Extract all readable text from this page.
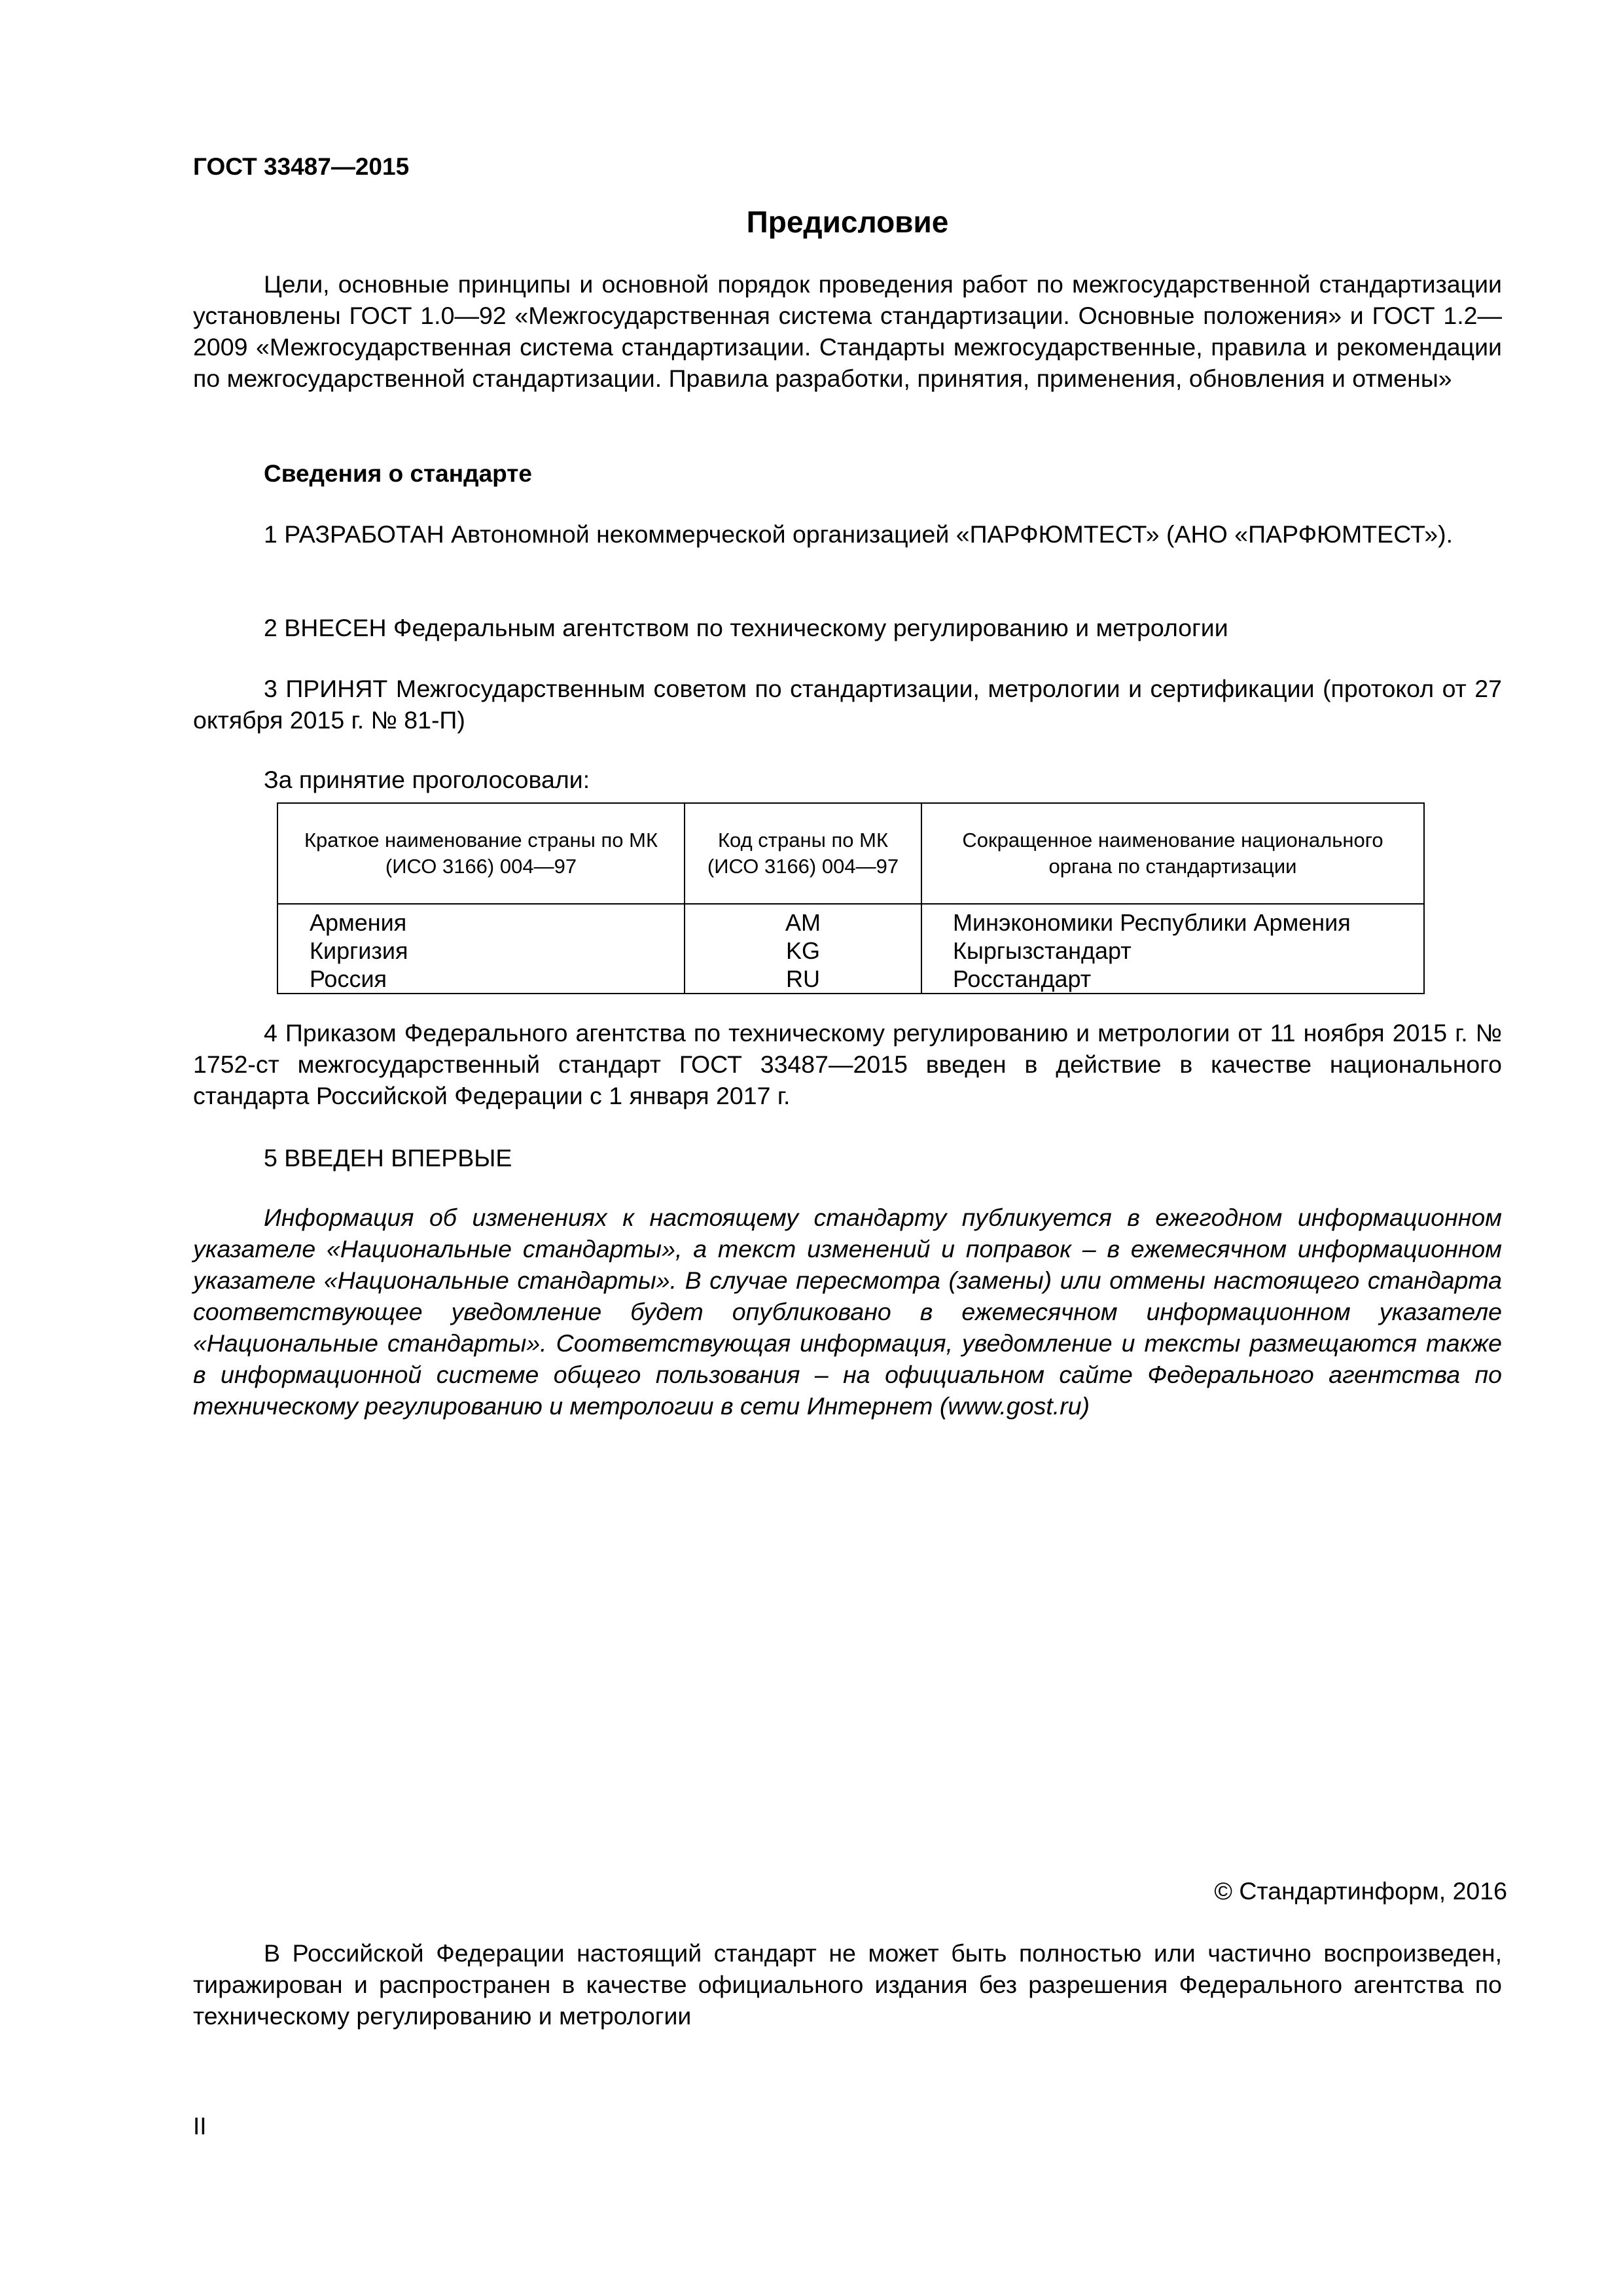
ГОСТ 33487—2015
Предисловие

Цели, основные принципы и основной порядок проведения работ по межгосударственной стандартизации установлены ГОСТ 1.0—92 «Межгосударственная система стандартизации. Основные положения» и ГОСТ 1.2—2009 «Межгосударственная система стандартизации. Стандарты межгосударственные, правила и рекомендации по межгосударственной стандартизации. Правила разработки, принятия, применения, обновления и отмены»

Сведения о стандарте

1 РАЗРАБОТАН Автономной некоммерческой организацией «ПАРФЮМТЕСТ» (АНО «ПАРФЮМТЕСТ»).

2 ВНЕСЕН Федеральным агентством по техническому регулированию и метрологии

3 ПРИНЯТ Межгосударственным советом по стандартизации, метрологии и сертификации (протокол от 27 октября 2015 г. № 81-П)

За принятие проголосовали:
Краткое наименование страны по МК (ИСО 3166) 004—97	Код страны по МК (ИСО 3166) 004—97	Сокращенное наименование национального органа по стандартизации
Армения	AM	Минэкономики Республики Армения
Киргизия	KG	Кыргызстандарт
Россия	RU	Росстандарт

4 Приказом Федерального агентства по техническому регулированию и метрологии от 11 ноября 2015 г. № 1752-ст межгосударственный стандарт ГОСТ 33487—2015 введен в действие в качестве национального стандарта Российской Федерации с 1 января 2017 г.

5 ВВЕДЕН ВПЕРВЫЕ

Информация об изменениях к настоящему стандарту публикуется в ежегодном информационном указателе «Национальные стандарты», а текст изменений и поправок – в ежемесячном информационном указателе «Национальные стандарты». В случае пересмотра (замены) или отмены настоящего стандарта соответствующее уведомление будет опубликовано в ежемесячном информационном указателе «Национальные стандарты». Соответствующая информация, уведомление и тексты размещаются также в информационной системе общего пользования – на официальном сайте Федерального агентства по техническому регулированию и метрологии в сети Интернет (www.gost.ru)

© Стандартинформ, 2016

В Российской Федерации настоящий стандарт не может быть полностью или частично воспроизведен, тиражирован и распространен в качестве официального издания без разрешения Федерального агентства по техническому регулированию и метрологии

II
